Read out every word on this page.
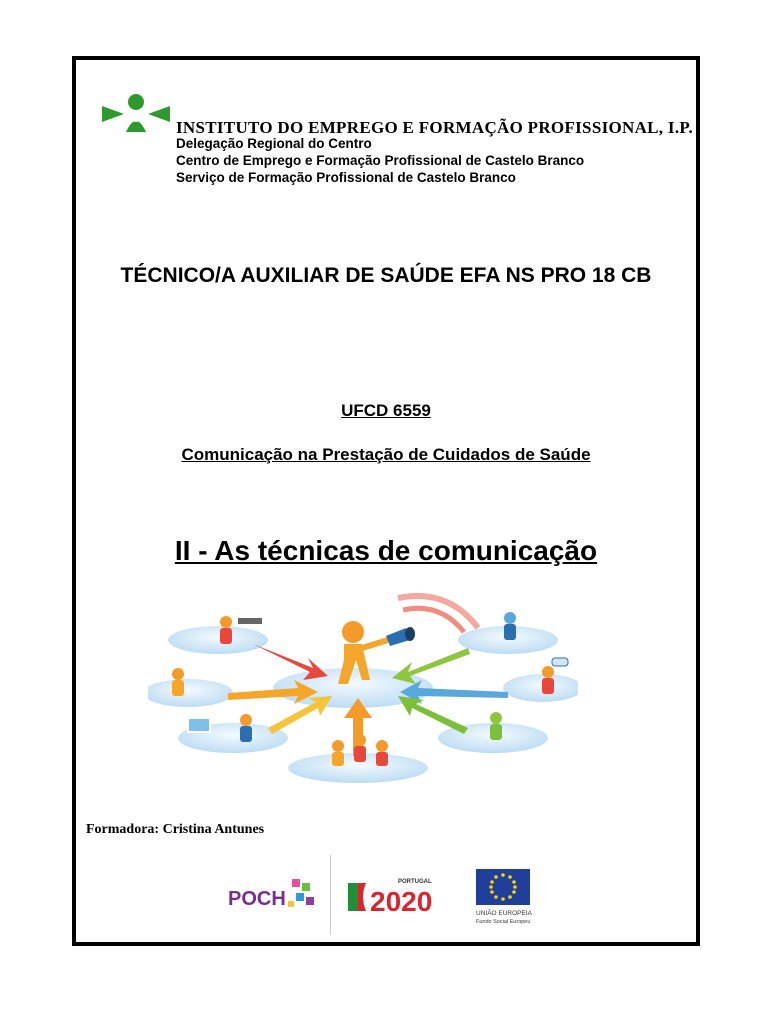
INSTITUTO DO EMPREGO E FORMAÇÃO PROFISSIONAL, I.P.
Delegação Regional do Centro
Centro de Emprego e Formação Profissional de Castelo Branco
Serviço de Formação Profissional de Castelo Branco
TÉCNICO/A AUXILIAR DE SAÚDE EFA NS PRO 18 CB
UFCD 6559
Comunicação na Prestação de Cuidados de Saúde
II - As técnicas de comunicação
Formadora: Cristina Antunes
POCH
PORTUGAL
2020	UNIÃO EUROPEIA
Fundo Social Europeu
